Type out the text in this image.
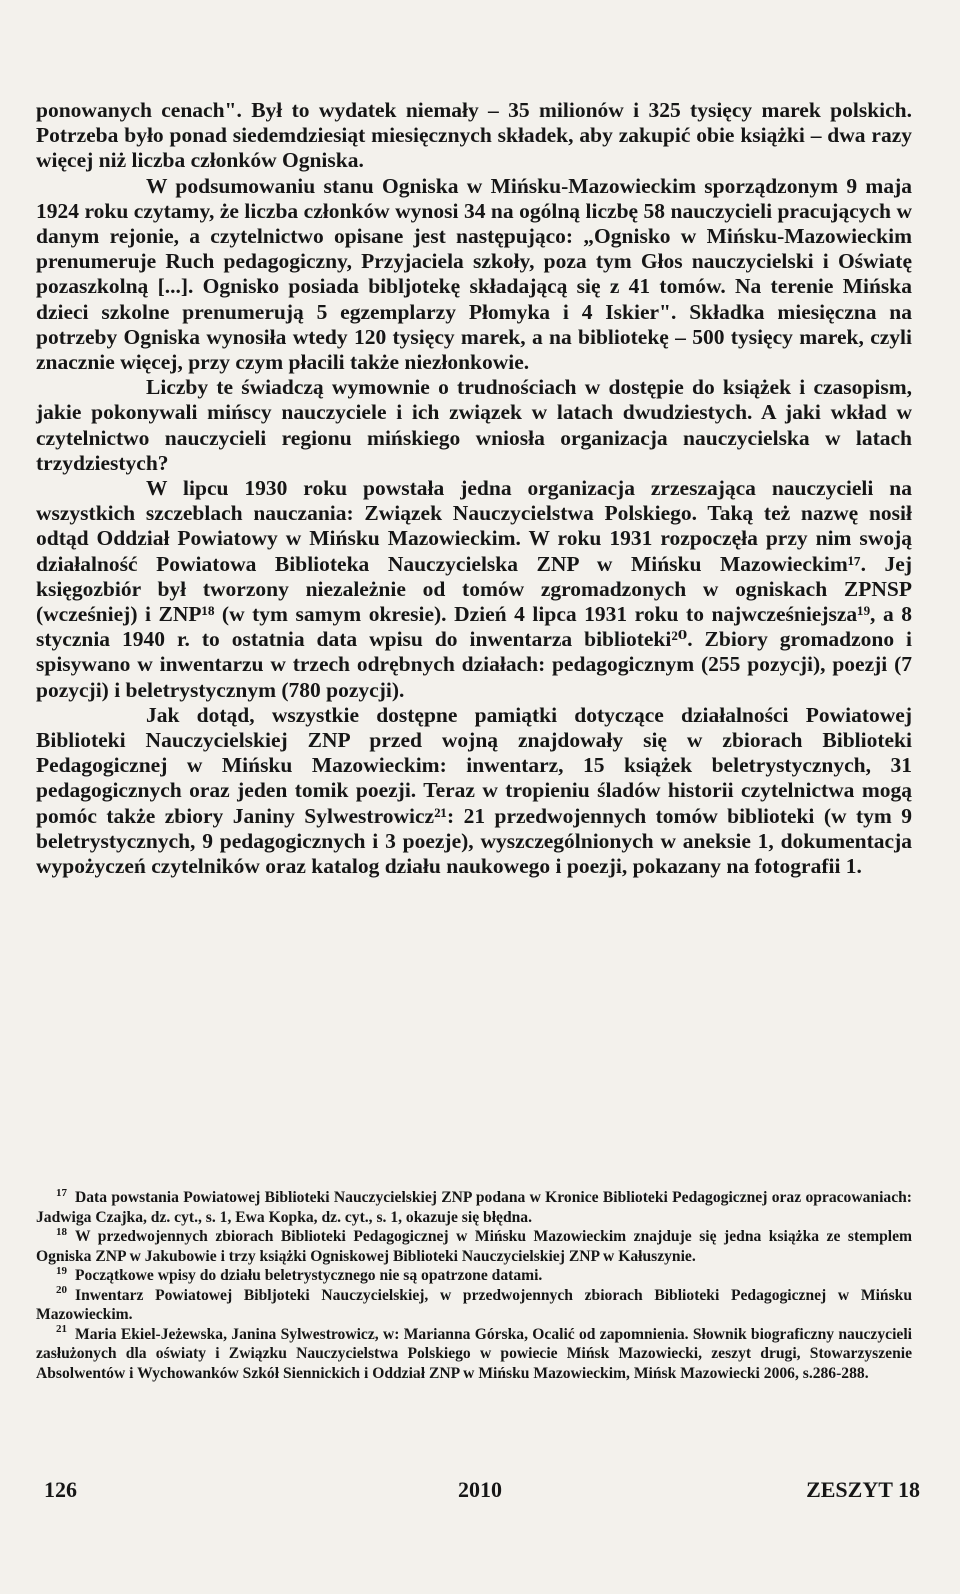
ponowanych cenach". Był to wydatek niemały – 35 milionów i 325 tysięcy marek polskich. Potrzeba było ponad siedemdziesiąt miesięcznych składek, aby zakupić obie książki – dwa razy więcej niż liczba członków Ogniska.

W podsumowaniu stanu Ogniska w Mińsku-Mazowieckim sporządzonym 9 maja 1924 roku czytamy, że liczba członków wynosi 34 na ogólną liczbę 58 nauczycieli pracujących w danym rejonie, a czytelnictwo opisane jest następująco: „Ognisko w Mińsku-Mazowieckim prenumeruje Ruch pedagogiczny, Przyjaciela szkoły, poza tym Głos nauczycielski i Oświatę pozaszkolną [...]. Ognisko posiada bibljotekę składającą się z 41 tomów. Na terenie Mińska dzieci szkolne prenumerują 5 egzemplarzy Płomyka i 4 Iskier". Składka miesięczna na potrzeby Ogniska wynosiła wtedy 120 tysięcy marek, a na bibliotekę – 500 tysięcy marek, czyli znacznie więcej, przy czym płacili także niezłonkowie.

Liczby te świadczą wymownie o trudnościach w dostępie do książek i czasopism, jakie pokonywali mińscy nauczyciele i ich związek w latach dwudziestych. A jaki wkład w czytelnictwo nauczycieli regionu mińskiego wniosła organizacja nauczycielska w latach trzydziestych?

W lipcu 1930 roku powstała jedna organizacja zrzeszająca nauczycieli na wszystkich szczeblach nauczania: Związek Nauczycielstwa Polskiego. Taką też nazwę nosił odtąd Oddział Powiatowy w Mińsku Mazowieckim. W roku 1931 rozpoczęła przy nim swoją działalność Powiatowa Biblioteka Nauczycielska ZNP w Mińsku Mazowieckim¹⁷. Jej księgozbiór był tworzony niezależnie od tomów zgromadzonych w ogniskach ZPNSP (wcześniej) i ZNP¹⁸ (w tym samym okresie). Dzień 4 lipca 1931 roku to najwcześniejsza¹⁹, a 8 stycznia 1940 r. to ostatnia data wpisu do inwentarza biblioteki²⁰. Zbiory gromadzono i spisywano w inwentarzu w trzech odrębnych działach: pedagogicznym (255 pozycji), poezji (7 pozycji) i beletrystycznym (780 pozycji).

Jak dotąd, wszystkie dostępne pamiątki dotyczące działalności Powiatowej Biblioteki Nauczycielskiej ZNP przed wojną znajdowały się w zbiorach Biblioteki Pedagogicznej w Mińsku Mazowieckim: inwentarz, 15 książek beletrystycznych, 31 pedagogicznych oraz jeden tomik poezji. Teraz w tropieniu śladów historii czytelnictwa mogą pomóc także zbiory Janiny Sylwestrowicz²¹: 21 przedwojennych tomów biblioteki (w tym 9 beletrystycznych, 9 pedagogicznych i 3 poezje), wyszczególnionych w aneksie 1, dokumentacja wypożyczeń czytelników oraz katalog działu naukowego i poezji, pokazany na fotografii 1.

$^{17}$ Data powstania Powiatowej Biblioteki Nauczycielskiej ZNP podana w Kronice Biblioteki Pedagogicznej oraz opracowaniach: Jadwiga Czajka, dz. cyt., s. 1, Ewa Kopka, dz. cyt., s. 1, okazuje się błędna.

$^{18}$ W przedwojennych zbiorach Biblioteki Pedagogicznej w Mińsku Mazowieckim znajduje się jedna książka ze stemplem Ogniska ZNP w Jakubowie i trzy książki Ogniskowej Biblioteki Nauczycielskiej ZNP w Kałuszynie.

$^{19}$ Początkowe wpisy do działu beletrystycznego nie są opatrzone datami.

$^{20}$ Inwentarz Powiatowej Bibljoteki Nauczycielskiej, w przedwojennych zbiorach Biblioteki Pedagogicznej w Mińsku Mazowieckim.

$^{21}$ Maria Ekiel-Jeżewska, Janina Sylwestrowicz, w: Marianna Górska, Ocalić od zapomnienia. Słownik biograficzny nauczycieli zasłużonych dla oświaty i Związku Nauczycielstwa Polskiego w powiecie Mińsk Mazowiecki, zeszyt drugi, Stowarzyszenie Absolwentów i Wychowanków Szkół Siennickich i Oddział ZNP w Mińsku Mazowieckim, Mińsk Mazowiecki 2006, s.286-288.

126	2010	ZESZYT 18
